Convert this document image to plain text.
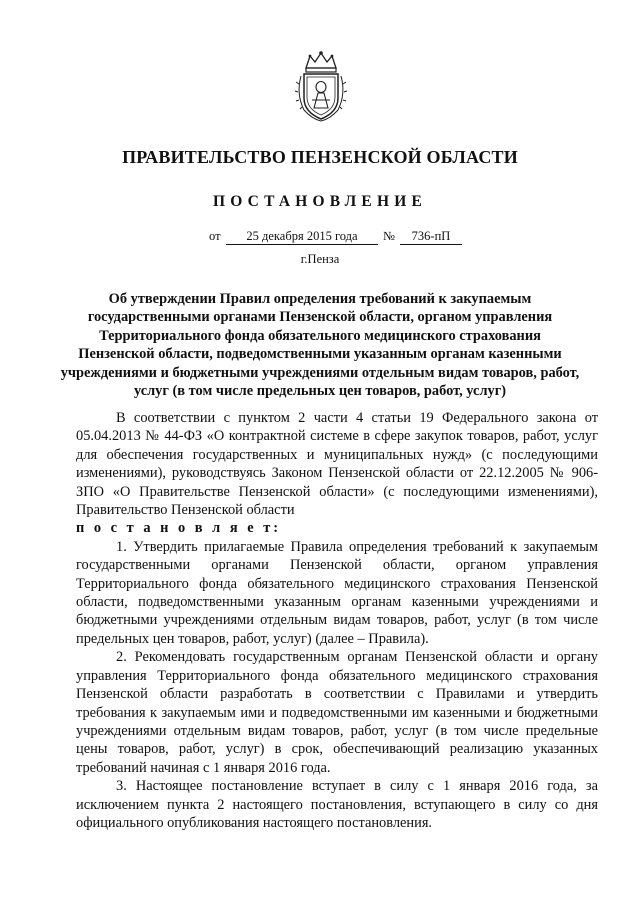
ПРАВИТЕЛЬСТВО ПЕНЗЕНСКОЙ ОБЛАСТИ
ПОСТАНОВЛЕНИЕ
от	25 декабря 2015 года	№	736-пП
г.Пенза
Об утверждении Правил определения требований к закупаемым государственными органами Пензенской области, органом управления Территориального фонда обязательного медицинского страхования Пензенской области, подведомственными указанным органам казенными учреждениями и бюджетными учреждениями отдельным видам товаров, работ, услуг (в том числе предельных цен товаров, работ, услуг)

В соответствии с пунктом 2 части 4 статьи 19 Федерального закона от 05.04.2013 № 44-ФЗ «О контрактной системе в сфере закупок товаров, работ, услуг для обеспечения государственных и муниципальных нужд» (с последующими изменениями), руководствуясь Законом Пензенской области от 22.12.2005 № 906-ЗПО «О Правительстве Пензенской области» (с последующими изменениями), Правительство Пензенской области

п о с т а н о в л я е т:

1. Утвердить прилагаемые Правила определения требований к закупаемым государственными органами Пензенской области, органом управления Территориального фонда обязательного медицинского страхования Пензенской области, подведомственными указанным органам казенными учреждениями и бюджетными учреждениями отдельным видам товаров, работ, услуг (в том числе предельных цен товаров, работ, услуг) (далее – Правила).

2. Рекомендовать государственным органам Пензенской области и органу управления Территориального фонда обязательного медицинского страхования Пензенской области разработать в соответствии с Правилами и утвердить требования к закупаемым ими и подведомственными им казенными и бюджетными учреждениями отдельным видам товаров, работ, услуг (в том числе предельные цены товаров, работ, услуг) в срок, обеспечивающий реализацию указанных требований начиная с 1 января 2016 года.

3. Настоящее постановление вступает в силу с 1 января 2016 года, за исключением пункта 2 настоящего постановления, вступающего в силу со дня официального опубликования настоящего постановления.
